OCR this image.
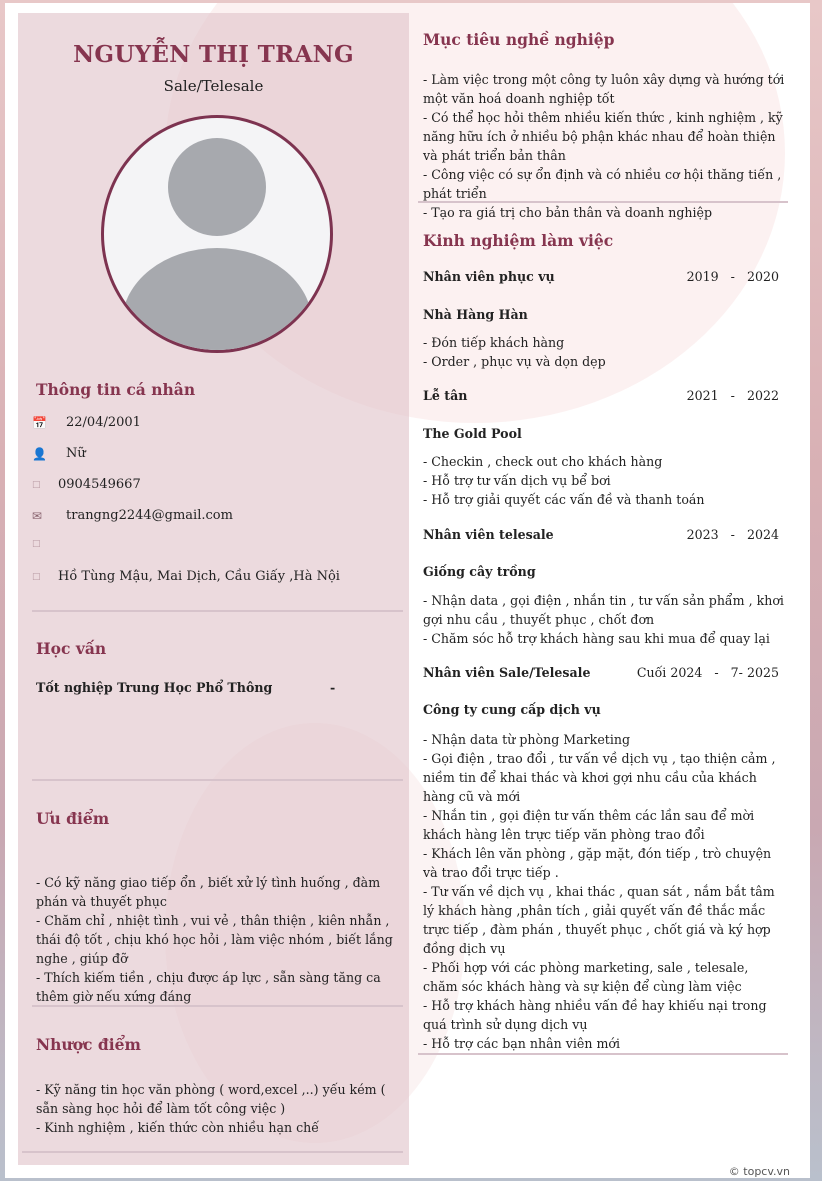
NGUYỄN THỊ TRANG
Sale/Telesale
Thông tin cá nhân
📅	22/04/2001
👤	Nữ
□	0904549667
✉	trangng2244@gmail.com
□
□	Hồ Tùng Mậu, Mai Dịch, Cầu Giấy ,Hà Nội
Học vấn
Tốt nghiệp Trung Học Phổ Thông	-
Ưu điểm
- Có kỹ năng giao tiếp ổn , biết xử lý tình huống , đàm phán và thuyết phục
- Chăm chỉ , nhiệt tình , vui vẻ , thân thiện , kiên nhẫn , thái độ tốt , chịu khó học hỏi , làm việc nhóm , biết lắng nghe , giúp đỡ
- Thích kiếm tiền , chịu được áp lực , sẵn sàng tăng ca thêm giờ nếu xứng đáng
Nhược điểm
- Kỹ năng tin học văn phòng ( word,excel ,..) yếu kém ( sẵn sàng học hỏi để làm tốt công việc )
- Kinh nghiệm , kiến thức còn nhiều hạn chế
Mục tiêu nghề nghiệp
- Làm việc trong một công ty luôn xây dựng và hướng tới một văn hoá doanh nghiệp tốt
- Có thể học hỏi thêm nhiều kiến thức , kinh nghiệm , kỹ năng hữu ích ở nhiều bộ phận khác nhau để hoàn thiện và phát triển bản thân
- Công việc có sự ổn định và có nhiều cơ hội thăng tiến , phát triển
- Tạo ra giá trị cho bản thân và doanh nghiệp
Kinh nghiệm làm việc
Nhân viên phục vụ	2019   -   2020
Nhà Hàng Hàn
- Đón tiếp khách hàng
- Order , phục vụ và dọn dẹp
Lễ tân	2021   -   2022
The Gold Pool
- Checkin , check out cho khách hàng
- Hỗ trợ tư vấn dịch vụ bể bơi
- Hỗ trợ giải quyết các vấn đề và thanh toán
Nhân viên telesale	2023   -   2024
Giống cây trồng
- Nhận data , gọi điện , nhắn tin , tư vấn sản phẩm , khơi gợi nhu cầu , thuyết phục , chốt đơn
- Chăm sóc hỗ trợ khách hàng sau khi mua để quay lại
Nhân viên Sale/Telesale	Cuối 2024   -   7- 2025
Công ty cung cấp dịch vụ
- Nhận data từ phòng Marketing
- Gọi điện , trao đổi , tư vấn về dịch vụ , tạo thiện cảm , niềm tin để khai thác và khơi gợi nhu cầu của khách hàng cũ và mới
- Nhắn tin , gọi điện tư vấn thêm các lần sau để mời khách hàng lên trực tiếp văn phòng trao đổi
- Khách lên văn phòng , gặp mặt, đón tiếp , trò chuyện và trao đổi trực tiếp .
- Tư vấn về dịch vụ , khai thác , quan sát , nắm bắt tâm lý khách hàng ,phân tích , giải quyết vấn đề thắc mắc trực tiếp , đàm phán , thuyết phục , chốt giá và ký hợp đồng dịch vụ
- Phối hợp với các phòng marketing, sale , telesale, chăm sóc khách hàng và sự kiện để cùng làm việc
- Hỗ trợ khách hàng nhiều vấn đề hay khiếu nại trong quá trình sử dụng dịch vụ
- Hỗ trợ các bạn nhân viên mới
© topcv.vn
